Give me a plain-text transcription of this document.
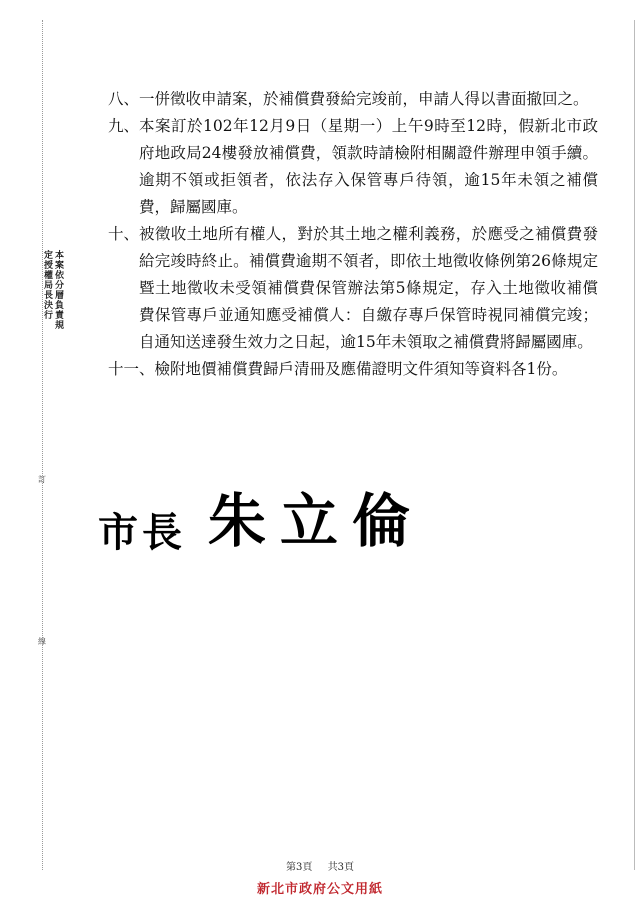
本案依分層負責規定授權局長決行
訂
線
八、 一併徵收申請案，於補償費發給完竣前，申請人得以書面撤回之。
九、 本案訂於102年12月9日（星期一）上午9時至12時，假新北市政府地政局24樓發放補償費，領款時請檢附相關證件辦理申領手續。逾期不領或拒領者，依法存入保管專戶待領，逾15年未領之補償費，歸屬國庫。
十、 被徵收土地所有權人，對於其土地之權利義務，於應受之補償費發給完竣時終止。補償費逾期不領者，即依土地徵收條例第26條規定暨土地徵收未受領補償費保管辦法第5條規定，存入土地徵收補償費保管專戶並通知應受補償人：自繳存專戶保管時視同補償完竣；自通知送達發生效力之日起，逾15年未領取之補償費將歸屬國庫。
十一、 檢附地價補償費歸戶清冊及應備證明文件須知等資料各1份。
市長 朱立倫
第3頁 共3頁
新北市政府公文用紙
